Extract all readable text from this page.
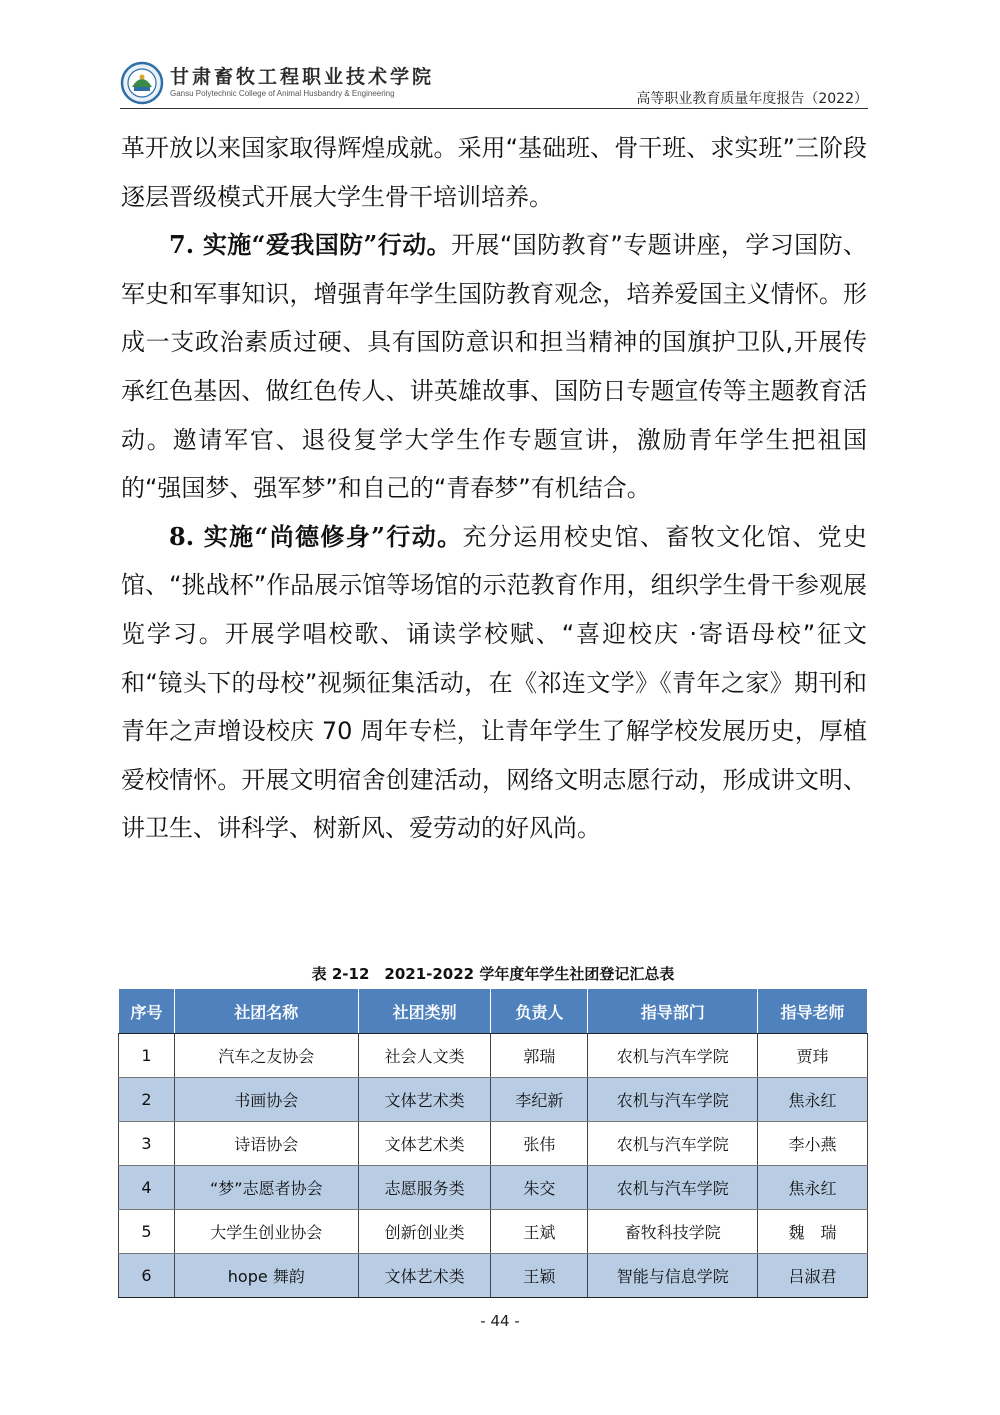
甘肃畜牧工程职业技术学院
Gansu Polytechnic College of Animal Husbandry & Engineering	高等职业教育质量年度报告（2022）

革开放以来国家取得辉煌成就。采用“基础班、骨干班、求实班”三阶段逐层晋级模式开展大学生骨干培训培养。

7. 实施“爱我国防”行动。开展“国防教育”专题讲座，学习国防、军史和军事知识，增强青年学生国防教育观念，培养爱国主义情怀。形成一支政治素质过硬、具有国防意识和担当精神的国旗护卫队,开展传承红色基因、做红色传人、讲英雄故事、国防日专题宣传等主题教育活动。邀请军官、退役复学大学生作专题宣讲，激励青年学生把祖国的“强国梦、强军梦”和自己的“青春梦”有机结合。

8. 实施“尚德修身”行动。充分运用校史馆、畜牧文化馆、党史馆、“挑战杯”作品展示馆等场馆的示范教育作用，组织学生骨干参观展览学习。开展学唱校歌、诵读学校赋、“喜迎校庆 ·寄语母校”征文和“镜头下的母校”视频征集活动，在《祁连文学》《青年之家》期刊和青年之声增设校庆 70 周年专栏，让青年学生了解学校发展历史，厚植爱校情怀。开展文明宿舍创建活动，网络文明志愿行动，形成讲文明、讲卫生、讲科学、树新风、爱劳动的好风尚。

表 2-12　2021-2022 学年度年学生社团登记汇总表
序号	社团名称	社团类别	负责人	指导部门	指导老师
1	汽车之友协会	社会人文类	郭瑞	农机与汽车学院	贾玮
2	书画协会	文体艺术类	李纪新	农机与汽车学院	焦永红
3	诗语协会	文体艺术类	张伟	农机与汽车学院	李小燕
4	“梦”志愿者协会	志愿服务类	朱交	农机与汽车学院	焦永红
5	大学生创业协会	创新创业类	王斌	畜牧科技学院	魏　瑞
6	hope 舞韵	文体艺术类	王颖	智能与信息学院	吕淑君
- 44 -
